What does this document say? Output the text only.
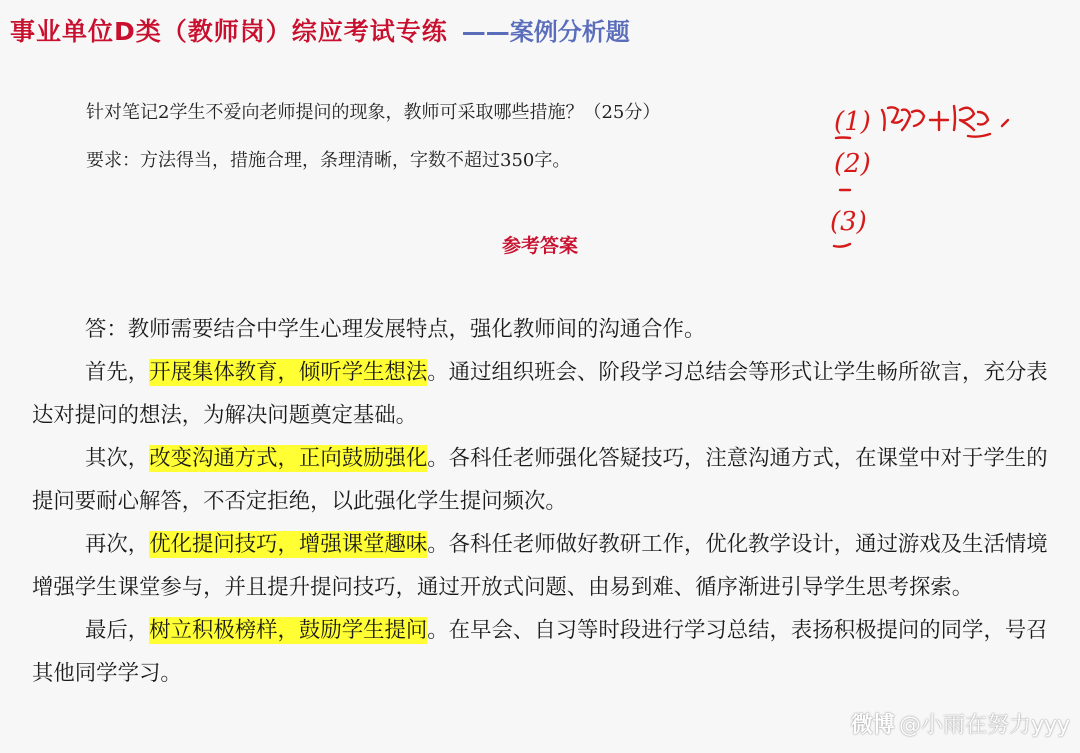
事业单位D类（教师岗）综应考试专练 ——案例分析题

针对笔记2学生不爱向老师提问的现象，教师可采取哪些措施？（25分）

要求：方法得当，措施合理，条理清晰，字数不超过350字。

(1)
(2)
(3)
参考答案

答：教师需要结合中学生心理发展特点，强化教师间的沟通合作。

首先，开展集体教育，倾听学生想法。通过组织班会、阶段学习总结会等形式让学生畅所欲言，充分表达对提问的想法，为解决问题奠定基础。

其次，改变沟通方式，正向鼓励强化。各科任老师强化答疑技巧，注意沟通方式，在课堂中对于学生的提问要耐心解答，不否定拒绝，以此强化学生提问频次。

再次，优化提问技巧，增强课堂趣味。各科任老师做好教研工作，优化教学设计，通过游戏及生活情境增强学生课堂参与，并且提升提问技巧，通过开放式问题、由易到难、循序渐进引导学生思考探索。

最后，树立积极榜样，鼓励学生提问。在早会、自习等时段进行学习总结，表扬积极提问的同学，号召其他同学学习。

微博 @小雨在努力yyy
